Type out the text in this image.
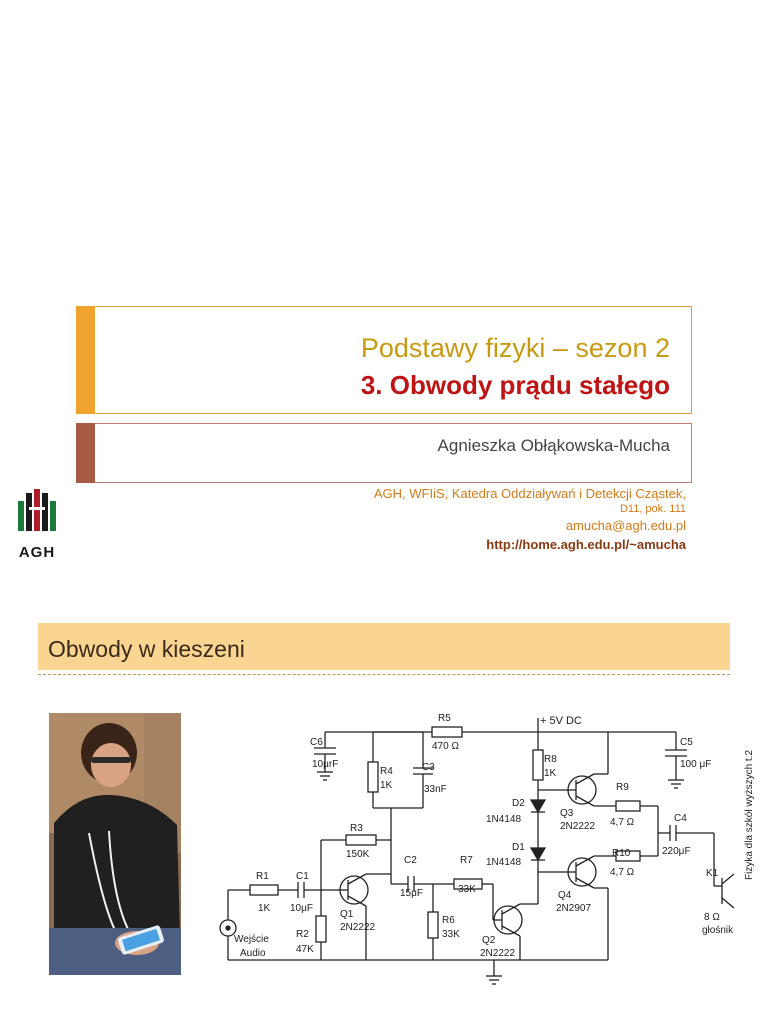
Podstawy fizyki – sezon 2
3. Obwody prądu stałego
Agnieszka Obłąkowska-Mucha
AGH, WFIiS, Katedra Oddziaływań i Detekcji Cząstek,
D11, pok. 111
amucha@agh.edu.pl
http://home.agh.edu.pl/~amucha
AGH
Obwody w kieszeni
+ 5V DC
R5
470 Ω
C6
10μrF
R4
1K
C3
33nF
R3
150K
R1
1K
C1
10μF
R2
47K
Q1
2N2222
C2
15μF
R7
33K
R6
33K
Q2
2N2222
R8
1K
D2
1N4148
D1
1N4148
Q3
2N2222
Q4
2N2907
R9
4,7 Ω
R10
4,7 Ω
C4
220μF
C5
100 μF
K1
8 Ω
głośnik
Wejście
Audio
Fizyka dla szkół wyższych t.2
